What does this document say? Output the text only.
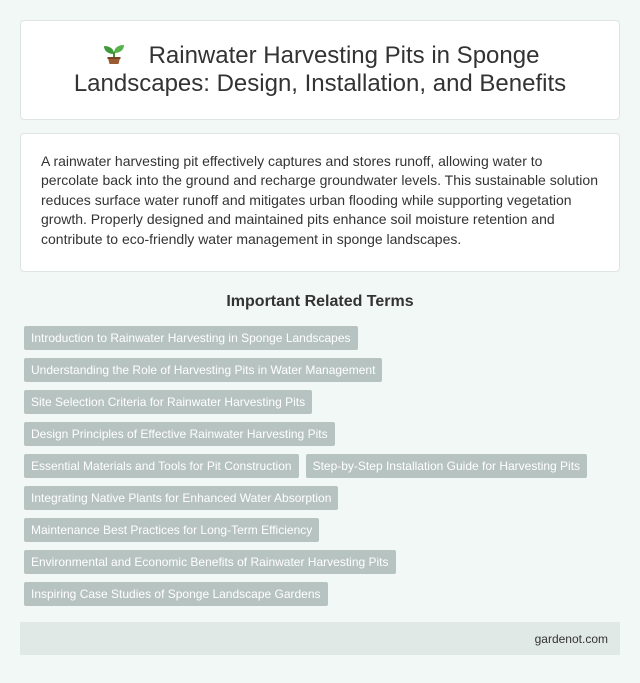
Rainwater Harvesting Pits in Sponge Landscapes: Design, Installation, and Benefits

A rainwater harvesting pit effectively captures and stores runoff, allowing water to percolate back into the ground and recharge groundwater levels. This sustainable solution reduces surface water runoff and mitigates urban flooding while supporting vegetation growth. Properly designed and maintained pits enhance soil moisture retention and contribute to eco-friendly water management in sponge landscapes.

Important Related Terms
Introduction to Rainwater Harvesting in Sponge Landscapes
Understanding the Role of Harvesting Pits in Water Management
Site Selection Criteria for Rainwater Harvesting Pits
Design Principles of Effective Rainwater Harvesting Pits
Essential Materials and Tools for Pit Construction	Step-by-Step Installation Guide for Harvesting Pits
Integrating Native Plants for Enhanced Water Absorption
Maintenance Best Practices for Long-Term Efficiency
Environmental and Economic Benefits of Rainwater Harvesting Pits
Inspiring Case Studies of Sponge Landscape Gardens
gardenot.com
